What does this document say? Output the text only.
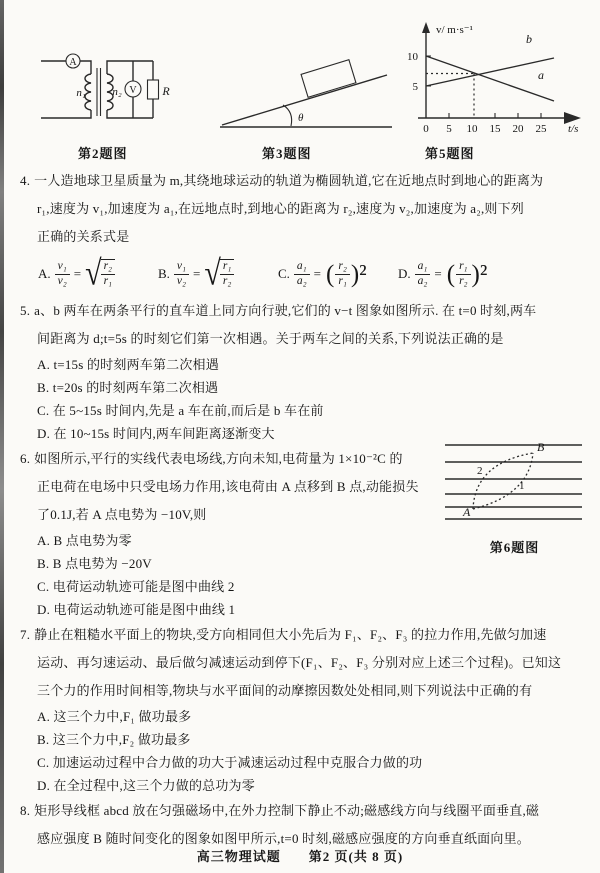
A
V
n₁ n₂	R
第2题图
θ
第3题图
v/ m·s⁻¹
10
5
0 5 10 15 20 25 t/s
a
b
第5题图
4. 一人造地球卫星质量为 m,其绕地球运动的轨道为椭圆轨道,它在近地点时到地心的距离为
r₁,速度为 v₁,加速度为 a₁,在远地点时,到地心的距离为 r₂,速度为 v₂,加速度为 a₂,则下列
正确的关系式是
A. $\frac{\text{v₁}}{\text{v₂}}$ = √ $\frac{\text{r₂}}{\text{r₁}}$	B. $\frac{\text{v₁}}{\text{v₂}}$ = √ $\frac{\text{r₁}}{\text{r₂}}$	C. $\frac{\text{a₁}}{\text{a₂}}$ = ( $\frac{\text{r₂}}{\text{r₁}} )^2$ D. $\frac{\text{a₁}}{\text{a₂}}$ = ( $\frac{\text{r₁}}{\text{r₂}} )^2$
5. a、b 两车在两条平行的直车道上同方向行驶,它们的 v−t 图象如图所示. 在 t=0 时刻,两车
间距离为 d;t=5s 的时刻它们第一次相遇。关于两车之间的关系,下列说法正确的是
A. t=15s 的时刻两车第二次相遇
B. t=20s 的时刻两车第二次相遇
C. 在 5~15s 时间内,先是 a 车在前,而后是 b 车在前
D. 在 10~15s 时间内,两车间距离逐渐变大
A
B
2
1
第6题图
6. 如图所示,平行的实线代表电场线,方向未知,电荷量为 1×10⁻²C 的
正电荷在电场中只受电场力作用,该电荷由 A 点移到 B 点,动能损失
了0.1J,若 A 点电势为 −10V,则
A. B 点电势为零
B. B 点电势为 −20V
C. 电荷运动轨迹可能是图中曲线 2
D. 电荷运动轨迹可能是图中曲线 1
7. 静止在粗糙水平面上的物块,受方向相同但大小先后为 F₁、F₂、F₃ 的拉力作用,先做匀加速
运动、再匀速运动、最后做匀减速运动到停下(F₁、F₂、F₃ 分别对应上述三个过程)。已知这
三个力的作用时间相等,物块与水平面间的动摩擦因数处处相同,则下列说法中正确的有
A. 这三个力中,F₁ 做功最多
B. 这三个力中,F₂ 做功最多
C. 加速运动过程中合力做的功大于减速运动过程中克服合力做的功
D. 在全过程中,这三个力做的总功为零
8. 矩形导线框 abcd 放在匀强磁场中,在外力控制下静止不动;磁感线方向与线圈平面垂直,磁
感应强度 B 随时间变化的图象如图甲所示,t=0 时刻,磁感应强度的方向垂直纸面向里。
高三物理试题　　第2 页(共 8 页)
